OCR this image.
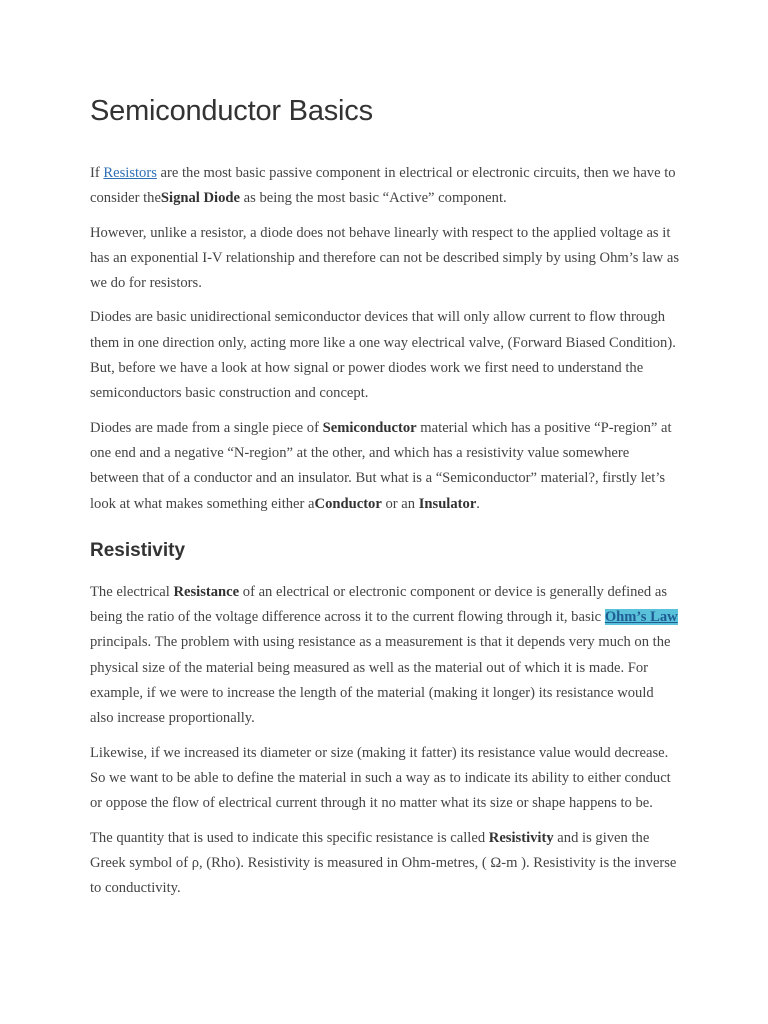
Semiconductor Basics

If Resistors are the most basic passive component in electrical or electronic circuits, then we have to consider theSignal Diode as being the most basic “Active” component.

However, unlike a resistor, a diode does not behave linearly with respect to the applied voltage as it has an exponential I-V relationship and therefore can not be described simply by using Ohm’s law as we do for resistors.

Diodes are basic unidirectional semiconductor devices that will only allow current to flow through them in one direction only, acting more like a one way electrical valve, (Forward Biased Condition). But, before we have a look at how signal or power diodes work we first need to understand the semiconductors basic construction and concept.

Diodes are made from a single piece of Semiconductor material which has a positive “P-region” at one end and a negative “N-region” at the other, and which has a resistivity value somewhere between that of a conductor and an insulator. But what is a “Semiconductor” material?, firstly let’s look at what makes something either aConductor or an Insulator.

Resistivity

The electrical Resistance of an electrical or electronic component or device is generally defined as being the ratio of the voltage difference across it to the current flowing through it, basic Ohm’s Law principals. The problem with using resistance as a measurement is that it depends very much on the physical size of the material being measured as well as the material out of which it is made. For example, if we were to increase the length of the material (making it longer) its resistance would also increase proportionally.

Likewise, if we increased its diameter or size (making it fatter) its resistance value would decrease. So we want to be able to define the material in such a way as to indicate its ability to either conduct or oppose the flow of electrical current through it no matter what its size or shape happens to be.

The quantity that is used to indicate this specific resistance is called Resistivity and is given the Greek symbol of ρ, (Rho). Resistivity is measured in Ohm-metres, ( Ω-m ). Resistivity is the inverse to conductivity.
